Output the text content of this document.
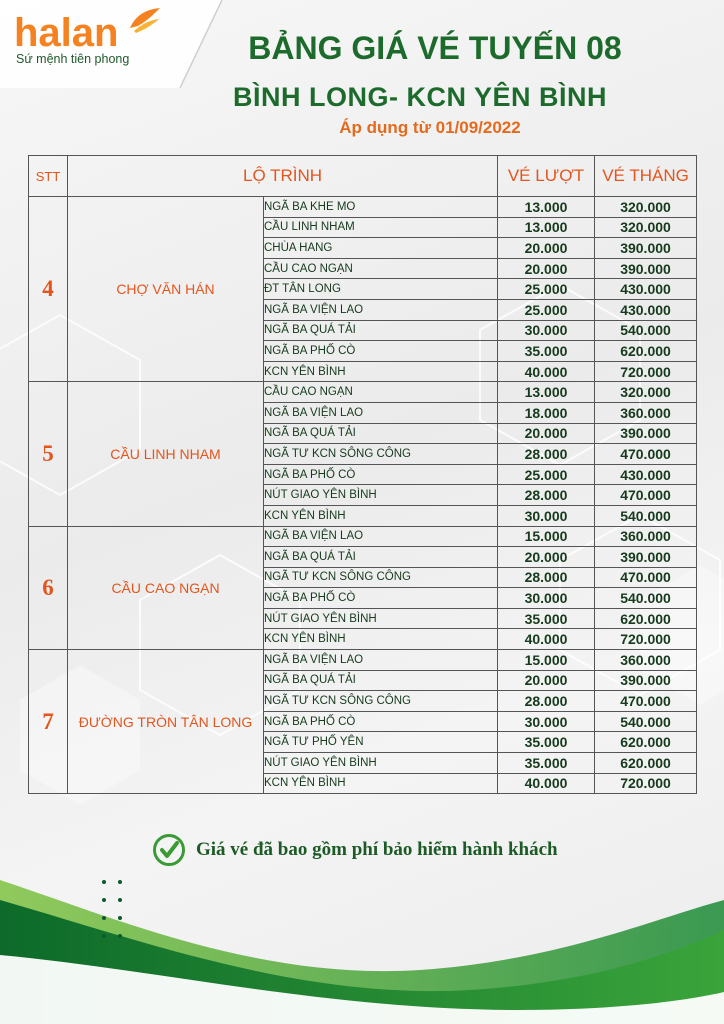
halan
Sứ mệnh tiên phong	BẢNG GIÁ VÉ TUYẾN 08
BÌNH LONG- KCN YÊN BÌNH
Áp dụng từ 01/09/2022
STT	LỘ TRÌNH		VÉ LƯỢT	VÉ THÁNG
4	CHỢ VĂN HÁN	NGÃ BA KHE MO	13.000	320.000
		CẦU LINH NHAM	13.000	320.000
		CHÙA HANG	20.000	390.000
		CẦU CAO NGẠN	20.000	390.000
		ĐT TÂN LONG	25.000	430.000
		NGÃ BA VIỆN LAO	25.000	430.000
		NGÃ BA QUÁ TẢI	30.000	540.000
		NGÃ BA PHỐ CÒ	35.000	620.000
		KCN YÊN BÌNH	40.000	720.000
5	CẦU LINH NHAM	CẦU CAO NGẠN	13.000	320.000
		NGÃ BA VIỆN LAO	18.000	360.000
		NGÃ BA QUÁ TẢI	20.000	390.000
		NGÃ TƯ KCN SÔNG CÔNG	28.000	470.000
		NGÃ BA PHỐ CÒ	25.000	430.000
		NÚT GIAO YÊN BÌNH	28.000	470.000
		KCN YÊN BÌNH	30.000	540.000
6	CẦU CAO NGẠN	NGÃ BA VIỆN LAO	15.000	360.000
		NGÃ BA QUÁ TẢI	20.000	390.000
		NGÃ TƯ KCN SÔNG CÔNG	28.000	470.000
		NGÃ BA PHỐ CÒ	30.000	540.000
		NÚT GIAO YÊN BÌNH	35.000	620.000
		KCN YÊN BÌNH	40.000	720.000
7	ĐƯỜNG TRÒN TÂN LONG	NGÃ BA VIỆN LAO	15.000	360.000
		NGÃ BA QUÁ TẢI	20.000	390.000
		NGÃ TƯ KCN SÔNG CÔNG	28.000	470.000
		NGÃ BA PHỐ CÒ	30.000	540.000
		NGÃ TƯ PHỐ YÊN	35.000	620.000
		NÚT GIAO YÊN BÌNH	35.000	620.000
		KCN YÊN BÌNH	40.000	720.000
Giá vé đã bao gồm phí bảo hiểm hành khách
